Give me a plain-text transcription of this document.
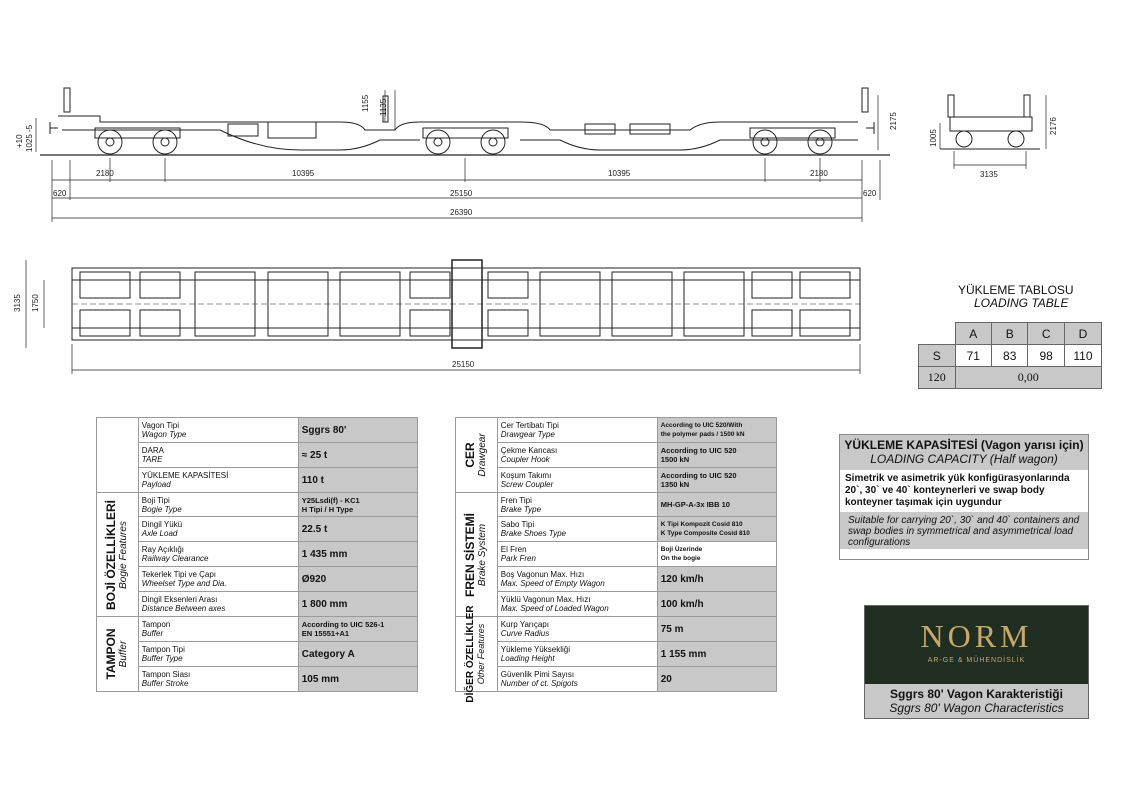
+10 1025 -5
1155 1135
2175
2180	10395	10395	2180
620	25150	620
26390
1005
2176
3135
3135 1750
25150
YÜKLEME TABLOSU
LOADING TABLE
	A	B	C	D
S	71	83	98	110
120	0,00			

	Vagon Tipi
Wagon Type	Sggrs 80'

	DARA
TARE	≈ 25 t

	YÜKLEME KAPASİTESİ
Payload	110 t

BOJİ ÖZELLİKLERİ Bogie Features	Boji Tipi
Bogie Type	Y25Lsdi(f) - KC1
H Tipi / H Type

	Dingil Yükü
Axle Load	22.5 t

	Ray Açıklığı
Railway Clearance	1 435 mm

	Tekerlek Tipi ve Çapı
Wheelset Type and Dia.	Ø920

	Dingil Eksenleri Arası
Distance Between axes	1 800 mm

TAMPON Buffer	Tampon
Buffer	According to UIC 526-1
EN 15551+A1

	Tampon Tipi
Buffer Type	Category A

	Tampon Siası
Buffer Stroke	105 mm
CER Drawgear	Cer Tertibatı Tipi
Drawgear Type	According to UIC 520/With
the polymer pads / 1500 kN

	Çekme Kancası
Coupler Hook	According to UIC 520
1500 kN

	Koşum Takımı
Screw Coupler	According to UIC 520
1350 kN

FREN SİSTEMİ Brake System	Fren Tipi
Brake Type	MH-GP-A-3x IBB 10

	Sabo Tipi
Brake Shoes Type	K Tipi Kompozit Cosid 810
K Type Composite Cosid 810

	El Fren
Park Fren	Boji Üzerinde
On the bogie

	Boş Vagonun Max. Hızı
Max. Speed of Empty Wagon	120 km/h

	Yüklü Vagonun Max. Hızı
Max. Speed of Loaded Wagon	100 km/h

DİĞER ÖZELLİKLER Other Features	Kurp Yarıçapı
Curve Radius	75 m

	Yükleme Yüksekliği
Loading Height	1 155 mm

	Güvenlik Pimi Sayısı
Number of ct. Spigots	20
YÜKLEME KAPASİTESİ (Vagon yarısı için)
LOADING CAPACITY (Half wagon)
Simetrik ve asimetrik yük konfigürasyonlarında 20`, 30` ve 40` konteynerleri ve swap body konteyner taşımak için uygundur
Suitable for carrying 20`, 30` and 40` containers and swap bodies in symmetrical and asymmetrical load configurations
NORM
AR-GE & MÜHENDİSLİK
Sggrs 80' Vagon Karakteristiği
Sggrs 80' Wagon Characteristics
